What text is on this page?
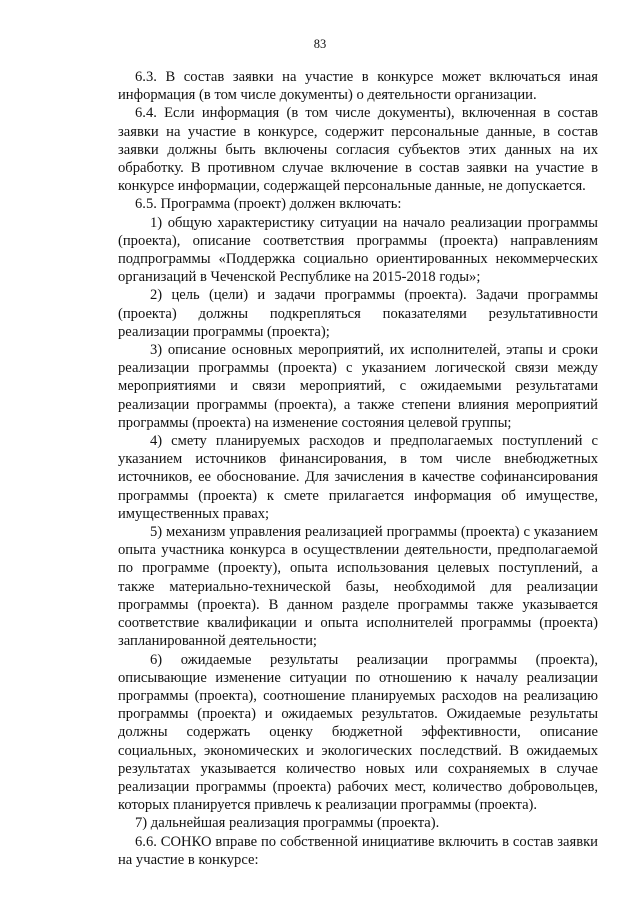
83

6.3. В состав заявки на участие в конкурсе может включаться иная информация (в том числе документы) о деятельности организации.

6.4. Если информация (в том числе документы), включенная в состав заявки на участие в конкурсе, содержит персональные данные, в состав заявки должны быть включены согласия субъектов этих данных на их обработку. В противном случае включение в состав заявки на участие в конкурсе информации, содержащей персональные данные, не допускается.

6.5. Программа (проект) должен включать:

1) общую характеристику ситуации на начало реализации программы (проекта), описание соответствия программы (проекта) направлениям подпрограммы «Поддержка социально ориентированных некоммерческих организаций в Чеченской Республике на 2015-2018 годы»;

2) цель (цели) и задачи программы (проекта). Задачи программы (проекта) должны подкрепляться показателями результативности реализации программы (проекта);

3) описание основных мероприятий, их исполнителей, этапы и сроки реализации программы (проекта) с указанием логической связи между мероприятиями и связи мероприятий, с ожидаемыми результатами реализации программы (проекта), а также степени влияния мероприятий программы (проекта) на изменение состояния целевой группы;

4) смету планируемых расходов и предполагаемых поступлений с указанием источников финансирования, в том числе внебюджетных источников, ее обоснование. Для зачисления в качестве софинансирования программы (проекта) к смете прилагается информация об имуществе, имущественных правах;

5) механизм управления реализацией программы (проекта) с указанием опыта участника конкурса в осуществлении деятельности, предполагаемой по программе (проекту), опыта использования целевых поступлений, а также материально-технической базы, необходимой для реализации программы (проекта). В данном разделе программы также указывается соответствие квалификации и опыта исполнителей программы (проекта) запланированной деятельности;

6) ожидаемые результаты реализации программы (проекта), описывающие изменение ситуации по отношению к началу реализации программы (проекта), соотношение планируемых расходов на реализацию программы (проекта) и ожидаемых результатов. Ожидаемые результаты должны содержать оценку бюджетной эффективности, описание социальных, экономических и экологических последствий. В ожидаемых результатах указывается количество новых или сохраняемых в случае реализации программы (проекта) рабочих мест, количество добровольцев, которых планируется привлечь к реализации программы (проекта).

7) дальнейшая реализация программы (проекта).

6.6. СОНКО вправе по собственной инициативе включить в состав заявки на участие в конкурсе:
